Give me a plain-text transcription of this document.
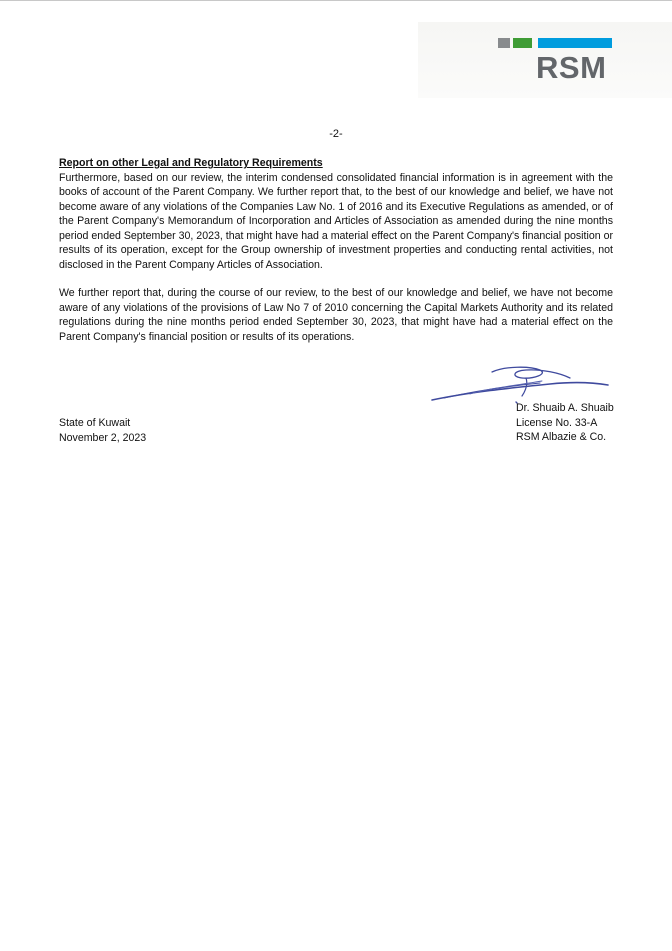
RSM
-2-

Report on other Legal and Regulatory Requirements

Furthermore, based on our review, the interim condensed consolidated financial information is in agreement with the books of account of the Parent Company. We further report that, to the best of our knowledge and belief, we have not become aware of any violations of the Companies Law No. 1 of 2016 and its Executive Regulations as amended, or of the Parent Company's Memorandum of Incorporation and Articles of Association as amended during the nine months period ended September 30, 2023, that might have had a material effect on the Parent Company's financial position or results of its operation, except for the Group ownership of investment properties and conducting rental activities, not disclosed in the Parent Company Articles of Association.

We further report that, during the course of our review, to the best of our knowledge and belief, we have not become aware of any violations of the provisions of Law No 7 of 2010 concerning the Capital Markets Authority and its related regulations during the nine months period ended September 30, 2023, that might have had a material effect on the Parent Company's financial position or results of its operations.

State of Kuwait
November 2, 2023
Dr. Shuaib A. Shuaib
License No. 33-A
RSM Albazie & Co.
